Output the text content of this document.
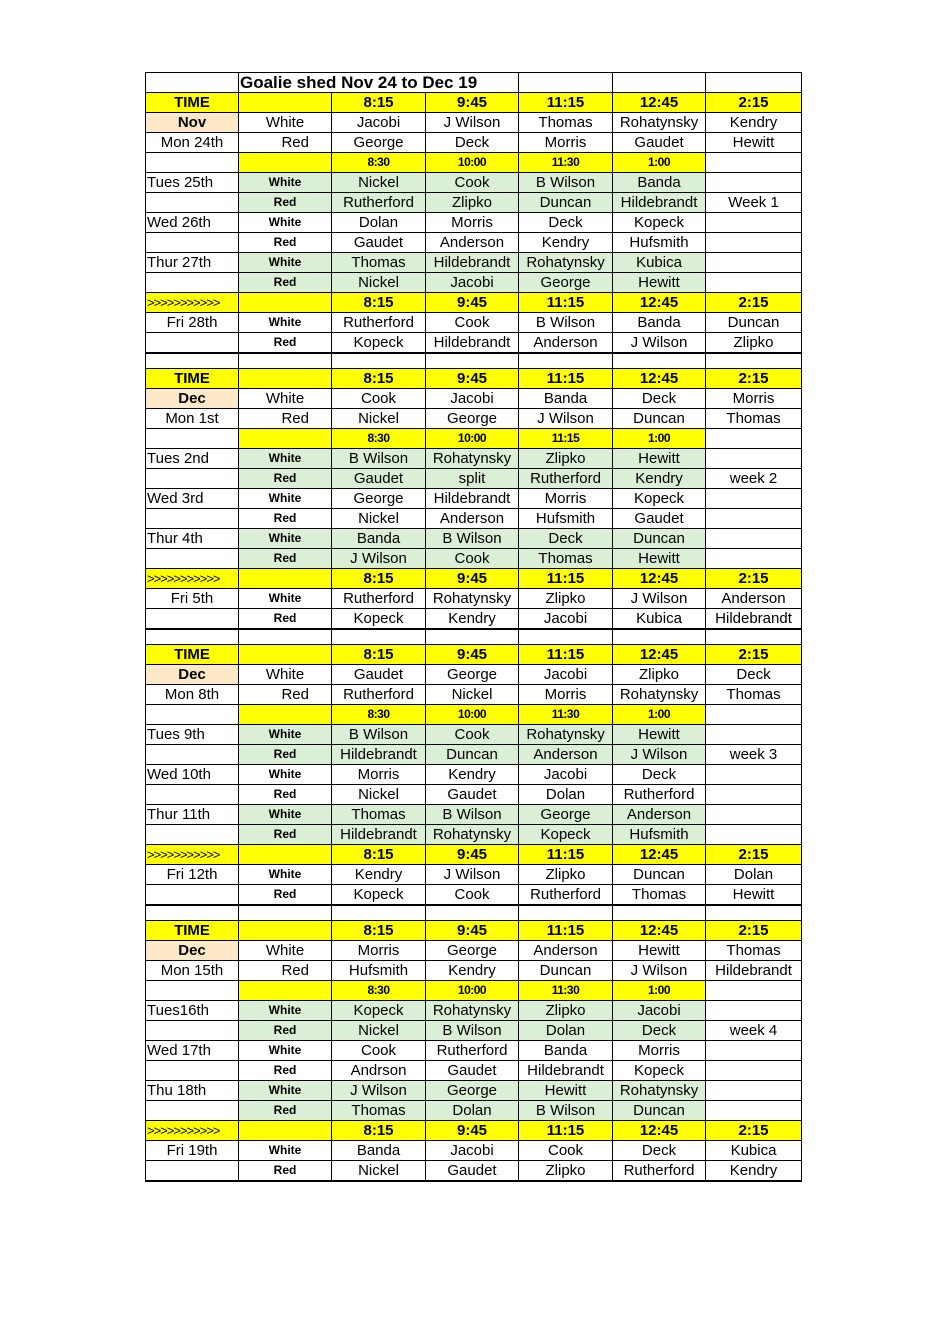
	Goalie shed Nov 24 to Dec 19					
TIME		8:15	9:45	11:15	12:45	2:15
Nov	White	Jacobi	J Wilson	Thomas	Rohatynsky	Kendry
Mon 24th	Red	George	Deck	Morris	Gaudet	Hewitt
		8:30	10:00	11:30	1:00	
Tues 25th	White	Nickel	Cook	B Wilson	Banda	
	Red	Rutherford	Zlipko	Duncan	Hildebrandt	Week 1
Wed 26th	White	Dolan	Morris	Deck	Kopeck	
	Red	Gaudet	Anderson	Kendry	Hufsmith	
Thur 27th	White	Thomas	Hildebrandt	Rohatynsky	Kubica	
	Red	Nickel	Jacobi	George	Hewitt	
>>>>>>>>>>>		8:15	9:45	11:15	12:45	2:15
Fri 28th	White	Rutherford	Cook	B Wilson	Banda	Duncan
	Red	Kopeck	Hildebrandt	Anderson	J Wilson	Zlipko

TIME		8:15	9:45	11:15	12:45	2:15
Dec	White	Cook	Jacobi	Banda	Deck	Morris
Mon 1st	Red	Nickel	George	J Wilson	Duncan	Thomas
		8:30	10:00	11:15	1:00	
Tues 2nd	White	B Wilson	Rohatynsky	Zlipko	Hewitt	
	Red	Gaudet	split	Rutherford	Kendry	week 2
Wed 3rd	White	George	Hildebrandt	Morris	Kopeck	
	Red	Nickel	Anderson	Hufsmith	Gaudet	
Thur 4th	White	Banda	B Wilson	Deck	Duncan	
	Red	J Wilson	Cook	Thomas	Hewitt	
>>>>>>>>>>>		8:15	9:45	11:15	12:45	2:15
Fri 5th	White	Rutherford	Rohatynsky	Zlipko	J Wilson	Anderson
	Red	Kopeck	Kendry	Jacobi	Kubica	Hildebrandt

TIME		8:15	9:45	11:15	12:45	2:15
Dec	White	Gaudet	George	Jacobi	Zlipko	Deck
Mon 8th	Red	Rutherford	Nickel	Morris	Rohatynsky	Thomas
		8:30	10:00	11:30	1:00	
Tues 9th	White	B Wilson	Cook	Rohatynsky	Hewitt	
	Red	Hildebrandt	Duncan	Anderson	J Wilson	week 3
Wed 10th	White	Morris	Kendry	Jacobi	Deck	
	Red	Nickel	Gaudet	Dolan	Rutherford	
Thur 11th	White	Thomas	B Wilson	George	Anderson	
	Red	Hildebrandt	Rohatynsky	Kopeck	Hufsmith	
>>>>>>>>>>>		8:15	9:45	11:15	12:45	2:15
Fri 12th	White	Kendry	J Wilson	Zlipko	Duncan	Dolan
	Red	Kopeck	Cook	Rutherford	Thomas	Hewitt

TIME		8:15	9:45	11:15	12:45	2:15
Dec	White	Morris	George	Anderson	Hewitt	Thomas
Mon 15th	Red	Hufsmith	Kendry	Duncan	J Wilson	Hildebrandt
		8:30	10:00	11:30	1:00	
Tues16th	White	Kopeck	Rohatynsky	Zlipko	Jacobi	
	Red	Nickel	B Wilson	Dolan	Deck	week 4
Wed 17th	White	Cook	Rutherford	Banda	Morris	
	Red	Andrson	Gaudet	Hildebrandt	Kopeck	
Thu 18th	White	J Wilson	George	Hewitt	Rohatynsky	
	Red	Thomas	Dolan	B Wilson	Duncan	
>>>>>>>>>>>		8:15	9:45	11:15	12:45	2:15
Fri 19th	White	Banda	Jacobi	Cook	Deck	Kubica
	Red	Nickel	Gaudet	Zlipko	Rutherford	Kendry
